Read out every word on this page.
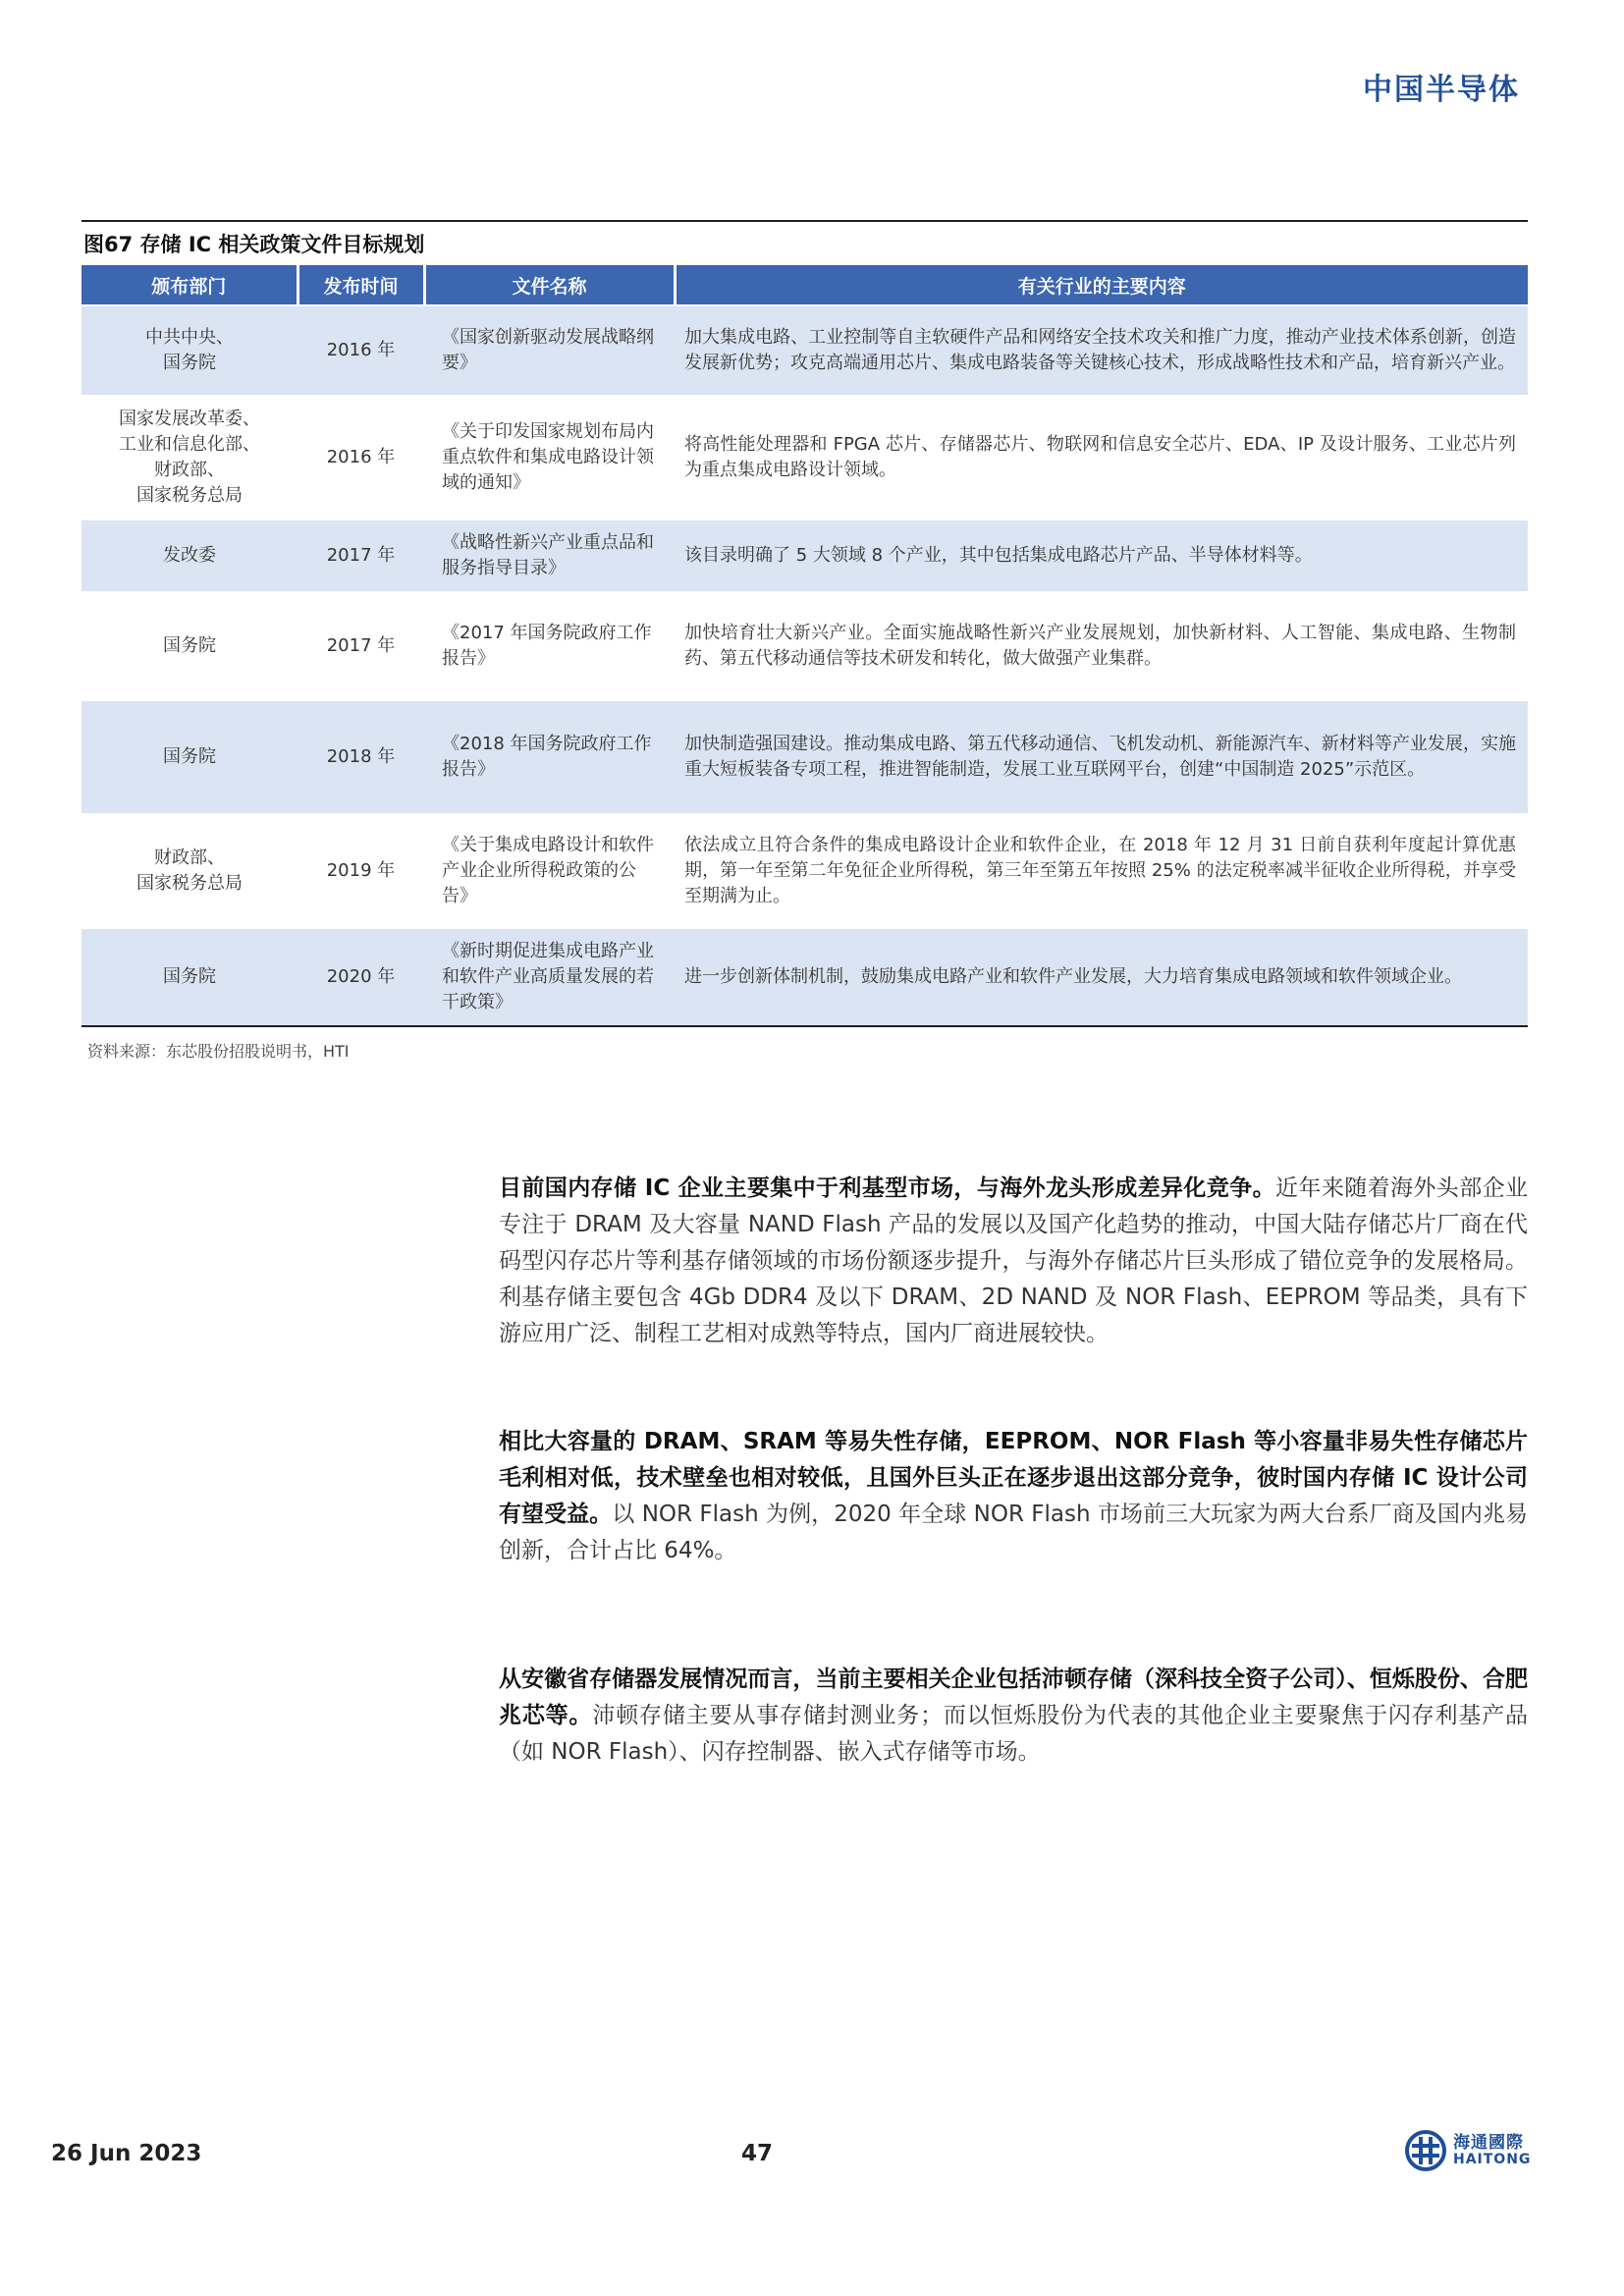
中国半导体
图67 存储 IC 相关政策文件目标规划
颁布部门	发布时间	文件名称	有关行业的主要内容
中共中央、
国务院	2016 年	《国家创新驱动发展战略纲要》	加大集成电路、工业控制等自主软硬件产品和网络安全技术攻关和推广力度，推动产业技术体系创新，创造发展新优势；攻克高端通用芯片、集成电路装备等关键核心技术，形成战略性技术和产品，培育新兴产业。
国家发展改革委、
工业和信息化部、
财政部、
国家税务总局	2016 年	《关于印发国家规划布局内重点软件和集成电路设计领域的通知》	将高性能处理器和 FPGA 芯片、存储器芯片、物联网和信息安全芯片、EDA、IP 及设计服务、工业芯片列为重点集成电路设计领域。
发改委	2017 年	《战略性新兴产业重点品和服务指导目录》	该目录明确了 5 大领域 8 个产业，其中包括集成电路芯片产品、半导体材料等。
国务院	2017 年	《2017 年国务院政府工作报告》	加快培育壮大新兴产业。全面实施战略性新兴产业发展规划，加快新材料、人工智能、集成电路、生物制药、第五代移动通信等技术研发和转化，做大做强产业集群。
国务院	2018 年	《2018 年国务院政府工作报告》	加快制造强国建设。推动集成电路、第五代移动通信、飞机发动机、新能源汽车、新材料等产业发展，实施重大短板装备专项工程，推进智能制造，发展工业互联网平台，创建“中国制造 2025”示范区。
财政部、
国家税务总局	2019 年	《关于集成电路设计和软件产业企业所得税政策的公告》	依法成立且符合条件的集成电路设计企业和软件企业，在 2018 年 12 月 31 日前自获利年度起计算优惠期，第一年至第二年免征企业所得税，第三年至第五年按照 25% 的法定税率减半征收企业所得税，并享受至期满为止。
国务院	2020 年	《新时期促进集成电路产业和软件产业高质量发展的若干政策》	进一步创新体制机制，鼓励集成电路产业和软件产业发展，大力培育集成电路领域和软件领域企业。
资料来源：东芯股份招股说明书，HTI

目前国内存储 IC 企业主要集中于利基型市场，与海外龙头形成差异化竞争。近年来随着海外头部企业专注于 DRAM 及大容量 NAND Flash 产品的发展以及国产化趋势的推动，中国大陆存储芯片厂商在代码型闪存芯片等利基存储领域的市场份额逐步提升，与海外存储芯片巨头形成了错位竞争的发展格局。利基存储主要包含 4Gb DDR4 及以下 DRAM、2D NAND 及 NOR Flash、EEPROM 等品类，具有下游应用广泛、制程工艺相对成熟等特点，国内厂商进展较快。

相比大容量的 DRAM、SRAM 等易失性存储，EEPROM、NOR Flash 等小容量非易失性存储芯片毛利相对低，技术壁垒也相对较低，且国外巨头正在逐步退出这部分竞争，彼时国内存储 IC 设计公司有望受益。以 NOR Flash 为例，2020 年全球 NOR Flash 市场前三大玩家为两大台系厂商及国内兆易创新，合计占比 64%。

从安徽省存储器发展情况而言，当前主要相关企业包括沛顿存储（深科技全资子公司）、恒烁股份、合肥兆芯等。沛顿存储主要从事存储封测业务；而以恒烁股份为代表的其他企业主要聚焦于闪存利基产品（如 NOR Flash）、闪存控制器、嵌入式存储等市场。

26 Jun 2023	47	海通國際
HAITONG
